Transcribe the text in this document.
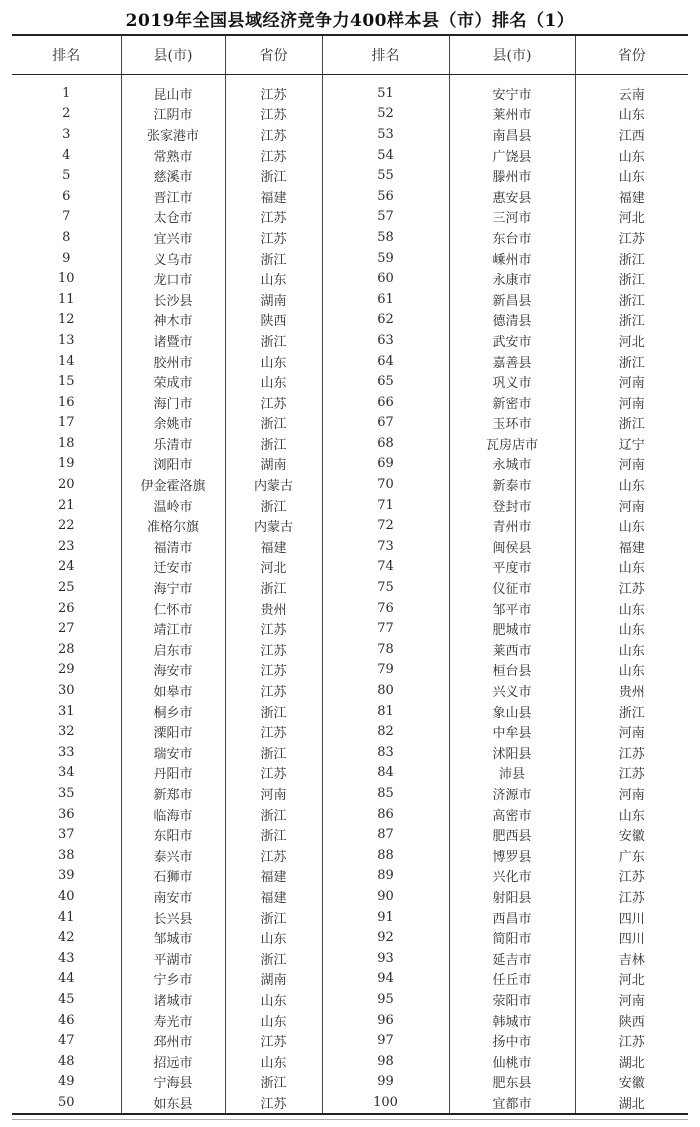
2019年全国县域经济竞争力400样本县（市）排名（1）
排名	县(市)	省份	排名	县(市)	省份
1	昆山市	江苏	51	安宁市	云南
2	江阴市	江苏	52	莱州市	山东
3	张家港市	江苏	53	南昌县	江西
4	常熟市	江苏	54	广饶县	山东
5	慈溪市	浙江	55	滕州市	山东
6	晋江市	福建	56	惠安县	福建
7	太仓市	江苏	57	三河市	河北
8	宜兴市	江苏	58	东台市	江苏
9	义乌市	浙江	59	嵊州市	浙江
10	龙口市	山东	60	永康市	浙江
11	长沙县	湖南	61	新昌县	浙江
12	神木市	陕西	62	德清县	浙江
13	诸暨市	浙江	63	武安市	河北
14	胶州市	山东	64	嘉善县	浙江
15	荣成市	山东	65	巩义市	河南
16	海门市	江苏	66	新密市	河南
17	余姚市	浙江	67	玉环市	浙江
18	乐清市	浙江	68	瓦房店市	辽宁
19	浏阳市	湖南	69	永城市	河南
20	伊金霍洛旗	内蒙古	70	新泰市	山东
21	温岭市	浙江	71	登封市	河南
22	准格尔旗	内蒙古	72	青州市	山东
23	福清市	福建	73	闽侯县	福建
24	迁安市	河北	74	平度市	山东
25	海宁市	浙江	75	仪征市	江苏
26	仁怀市	贵州	76	邹平市	山东
27	靖江市	江苏	77	肥城市	山东
28	启东市	江苏	78	莱西市	山东
29	海安市	江苏	79	桓台县	山东
30	如皋市	江苏	80	兴义市	贵州
31	桐乡市	浙江	81	象山县	浙江
32	溧阳市	江苏	82	中牟县	河南
33	瑞安市	浙江	83	沭阳县	江苏
34	丹阳市	江苏	84	沛县	江苏
35	新郑市	河南	85	济源市	河南
36	临海市	浙江	86	高密市	山东
37	东阳市	浙江	87	肥西县	安徽
38	泰兴市	江苏	88	博罗县	广东
39	石狮市	福建	89	兴化市	江苏
40	南安市	福建	90	射阳县	江苏
41	长兴县	浙江	91	西昌市	四川
42	邹城市	山东	92	简阳市	四川
43	平湖市	浙江	93	延吉市	吉林
44	宁乡市	湖南	94	任丘市	河北
45	诸城市	山东	95	荥阳市	河南
46	寿光市	山东	96	韩城市	陕西
47	邳州市	江苏	97	扬中市	江苏
48	招远市	山东	98	仙桃市	湖北
49	宁海县	浙江	99	肥东县	安徽
50	如东县	江苏	100	宜都市	湖北
